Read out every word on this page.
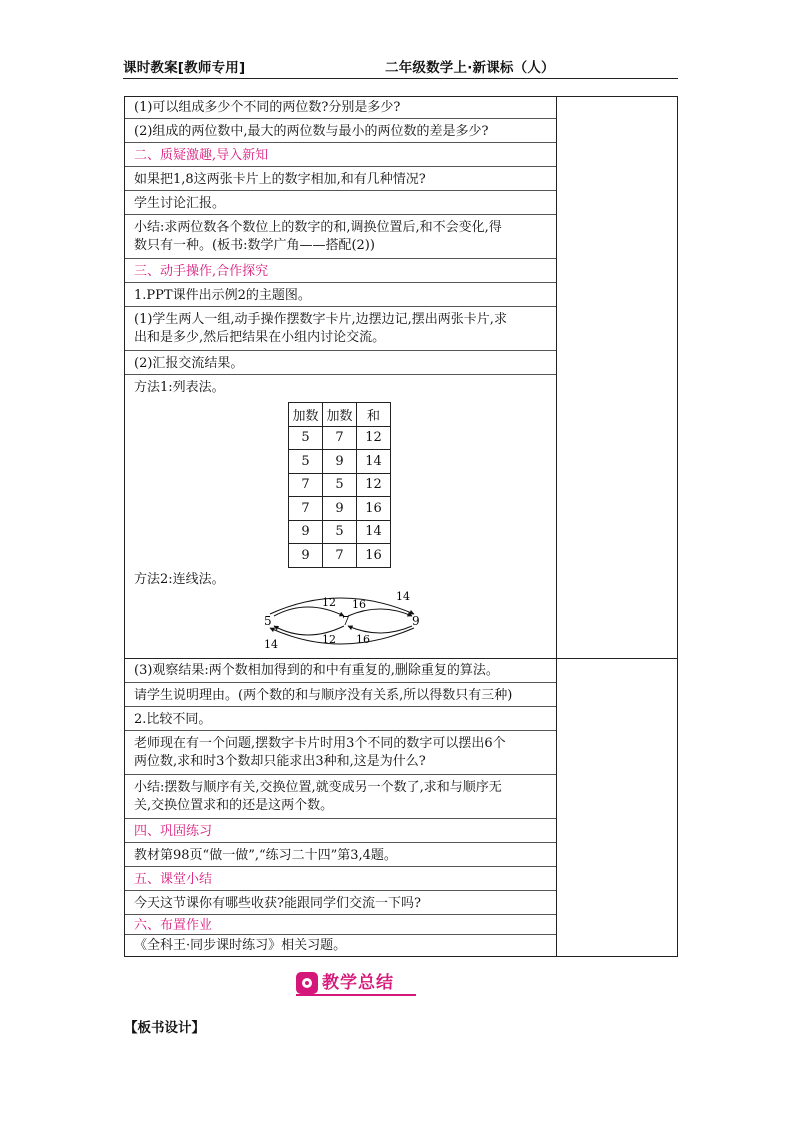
课时教案[教师专用]	二年级数学上·新课标（人）
(1)可以组成多少个不同的两位数?分别是多少?
(2)组成的两位数中,最大的两位数与最小的两位数的差是多少?
二、质疑激趣,导入新知
如果把1,8这两张卡片上的数字相加,和有几种情况?
学生讨论汇报。
小结:求两位数各个数位上的数字的和,调换位置后,和不会变化,得
数只有一种。(板书:数学广角——搭配(2))
三、动手操作,合作探究
1.PPT课件出示例2的主题图。
(1)学生两人一组,动手操作摆数字卡片,边摆边记,摆出两张卡片,求
出和是多少,然后把结果在小组内讨论交流。
(2)汇报交流结果。
方法1:列表法。
方法2:连线法。
加数	加数	和
5	7	12
5	9	14
7	5	12
7	9	16
9	5	14
9	7	16
5	7	9
12 16
14
12 16
14
(3)观察结果:两个数相加得到的和中有重复的,删除重复的算法。
请学生说明理由。(两个数的和与顺序没有关系,所以得数只有三种)
2.比较不同。
老师现在有一个问题,摆数字卡片时用3个不同的数字可以摆出6个
两位数,求和时3个数却只能求出3种和,这是为什么?
小结:摆数与顺序有关,交换位置,就变成另一个数了,求和与顺序无
关,交换位置求和的还是这两个数。
四、巩固练习
教材第98页“做一做”,“练习二十四”第3,4题。
五、课堂小结
今天这节课你有哪些收获?能跟同学们交流一下吗?
六、布置作业
《全科王·同步课时练习》相关习题。
教学总结
【板书设计】
